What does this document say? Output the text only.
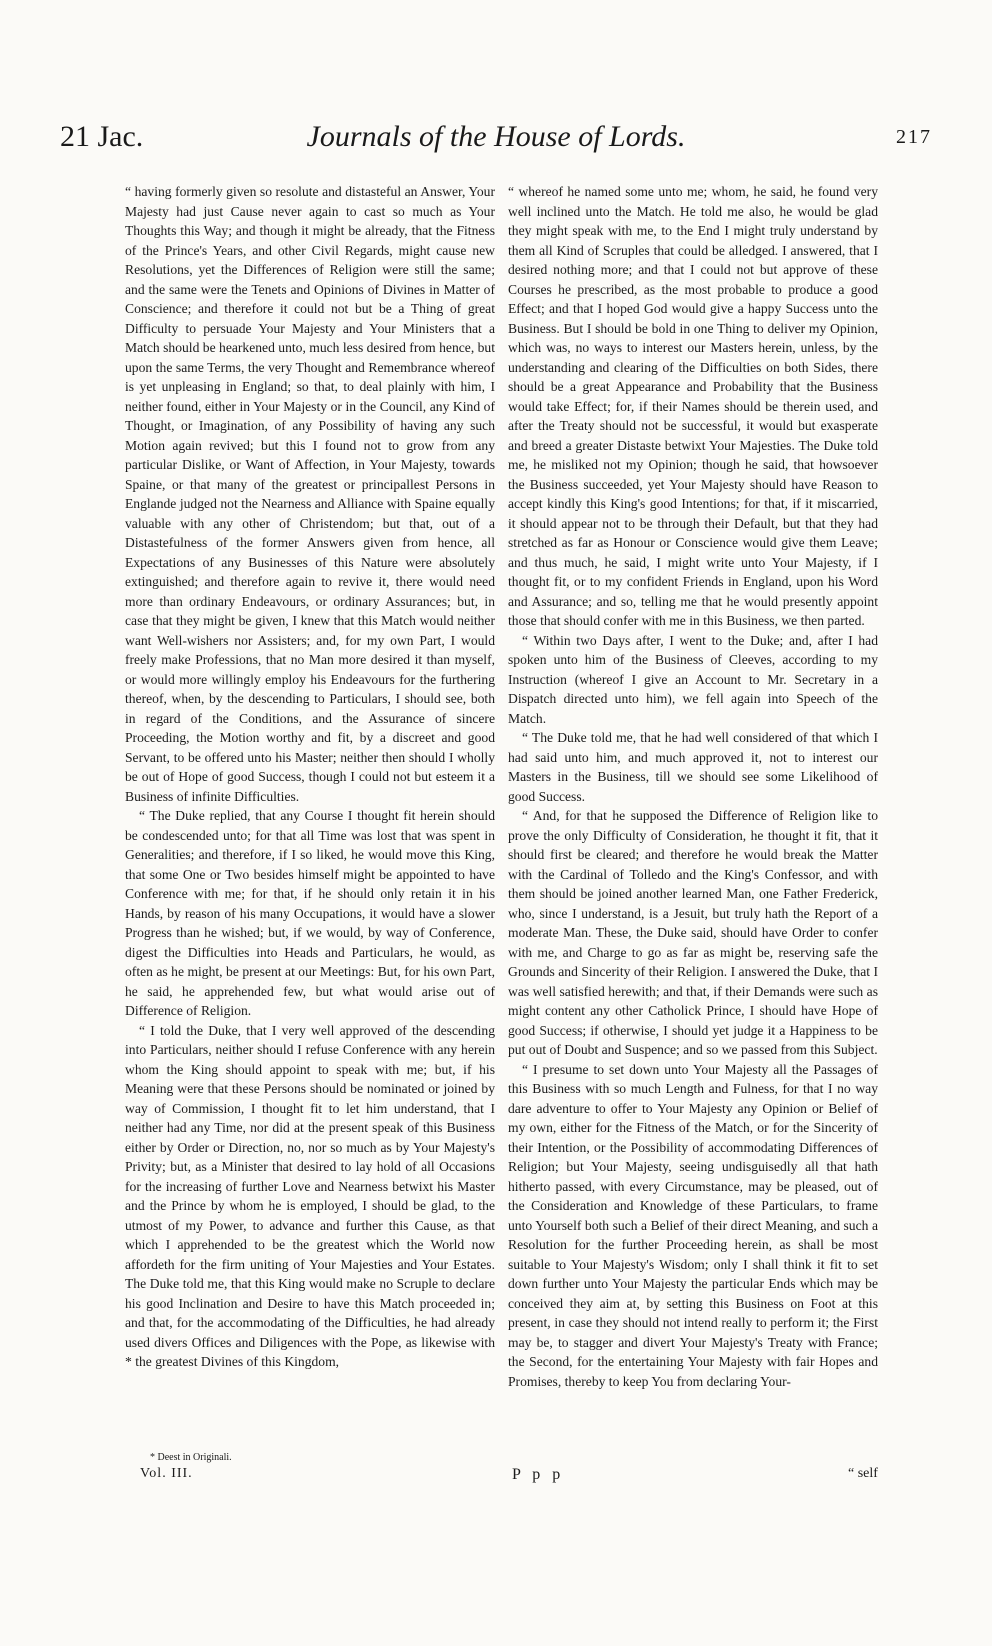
21 Jac.	Journals of the House of Lords.	217

“ having formerly given so resolute and distasteful an Answer, Your Majesty had just Cause never again to cast so much as Your Thoughts this Way; and though it might be already, that the Fitness of the Prince's Years, and other Civil Regards, might cause new Resolutions, yet the Differences of Religion were still the same; and the same were the Tenets and Opinions of Divines in Matter of Conscience; and therefore it could not but be a Thing of great Difficulty to persuade Your Majesty and Your Ministers that a Match should be hearkened unto, much less desired from hence, but upon the same Terms, the very Thought and Remembrance whereof is yet unpleasing in England; so that, to deal plainly with him, I neither found, either in Your Majesty or in the Council, any Kind of Thought, or Imagination, of any Possibility of having any such Motion again revived; but this I found not to grow from any particular Dislike, or Want of Affection, in Your Majesty, towards Spaine, or that many of the greatest or principallest Persons in Englande judged not the Nearness and Alliance with Spaine equally valuable with any other of Christendom; but that, out of a Distastefulness of the former Answers given from hence, all Expectations of any Businesses of this Nature were absolutely extinguished; and therefore again to revive it, there would need more than ordinary Endeavours, or ordinary Assurances; but, in case that they might be given, I knew that this Match would neither want Well-wishers nor Assisters; and, for my own Part, I would freely make Professions, that no Man more desired it than myself, or would more willingly employ his Endeavours for the furthering thereof, when, by the descending to Particulars, I should see, both in regard of the Conditions, and the Assurance of sincere Proceeding, the Motion worthy and fit, by a discreet and good Servant, to be offered unto his Master; neither then should I wholly be out of Hope of good Success, though I could not but esteem it a Business of infinite Difficulties.

“ The Duke replied, that any Course I thought fit herein should be condescended unto; for that all Time was lost that was spent in Generalities; and therefore, if I so liked, he would move this King, that some One or Two besides himself might be appointed to have Conference with me; for that, if he should only retain it in his Hands, by reason of his many Occupations, it would have a slower Progress than he wished; but, if we would, by way of Conference, digest the Difficulties into Heads and Particulars, he would, as often as he might, be present at our Meetings: But, for his own Part, he said, he apprehended few, but what would arise out of Difference of Religion.

“ I told the Duke, that I very well approved of the descending into Particulars, neither should I refuse Conference with any herein whom the King should appoint to speak with me; but, if his Meaning were that these Persons should be nominated or joined by way of Commission, I thought fit to let him understand, that I neither had any Time, nor did at the present speak of this Business either by Order or Direction, no, nor so much as by Your Majesty's Privity; but, as a Minister that desired to lay hold of all Occasions for the increasing of further Love and Nearness betwixt his Master and the Prince by whom he is employed, I should be glad, to the utmost of my Power, to advance and further this Cause, as that which I apprehended to be the greatest which the World now affordeth for the firm uniting of Your Majesties and Your Estates. The Duke told me, that this King would make no Scruple to declare his good Inclination and Desire to have this Match proceeded in; and that, for the accommodating of the Difficulties, he had already used divers Offices and Diligences with the Pope, as likewise with * the greatest Divines of this Kingdom,

“ whereof he named some unto me; whom, he said, he found very well inclined unto the Match. He told me also, he would be glad they might speak with me, to the End I might truly understand by them all Kind of Scruples that could be alledged. I answered, that I desired nothing more; and that I could not but approve of these Courses he prescribed, as the most probable to produce a good Effect; and that I hoped God would give a happy Success unto the Business. But I should be bold in one Thing to deliver my Opinion, which was, no ways to interest our Masters herein, unless, by the understanding and clearing of the Difficulties on both Sides, there should be a great Appearance and Probability that the Business would take Effect; for, if their Names should be therein used, and after the Treaty should not be successful, it would but exasperate and breed a greater Distaste betwixt Your Majesties. The Duke told me, he misliked not my Opinion; though he said, that howsoever the Business succeeded, yet Your Majesty should have Reason to accept kindly this King's good Intentions; for that, if it miscarried, it should appear not to be through their Default, but that they had stretched as far as Honour or Conscience would give them Leave; and thus much, he said, I might write unto Your Majesty, if I thought fit, or to my confident Friends in England, upon his Word and Assurance; and so, telling me that he would presently appoint those that should confer with me in this Business, we then parted.

“ Within two Days after, I went to the Duke; and, after I had spoken unto him of the Business of Cleeves, according to my Instruction (whereof I give an Account to Mr. Secretary in a Dispatch directed unto him), we fell again into Speech of the Match.

“ The Duke told me, that he had well considered of that which I had said unto him, and much approved it, not to interest our Masters in the Business, till we should see some Likelihood of good Success.

“ And, for that he supposed the Difference of Religion like to prove the only Difficulty of Consideration, he thought it fit, that it should first be cleared; and therefore he would break the Matter with the Cardinal of Tolledo and the King's Confessor, and with them should be joined another learned Man, one Father Frederick, who, since I understand, is a Jesuit, but truly hath the Report of a moderate Man. These, the Duke said, should have Order to confer with me, and Charge to go as far as might be, reserving safe the Grounds and Sincerity of their Religion. I answered the Duke, that I was well satisfied herewith; and that, if their Demands were such as might content any other Catholick Prince, I should have Hope of good Success; if otherwise, I should yet judge it a Happiness to be put out of Doubt and Suspence; and so we passed from this Subject.

“ I presume to set down unto Your Majesty all the Passages of this Business with so much Length and Fulness, for that I no way dare adventure to offer to Your Majesty any Opinion or Belief of my own, either for the Fitness of the Match, or for the Sincerity of their Intention, or the Possibility of accommodating Differences of Religion; but Your Majesty, seeing undisguisedly all that hath hitherto passed, with every Circumstance, may be pleased, out of the Consideration and Knowledge of these Particulars, to frame unto Yourself both such a Belief of their direct Meaning, and such a Resolution for the further Proceeding herein, as shall be most suitable to Your Majesty's Wisdom; only I shall think it fit to set down further unto Your Majesty the particular Ends which may be conceived they aim at, by setting this Business on Foot at this present, in case they should not intend really to perform it; the First may be, to stagger and divert Your Majesty's Treaty with France; the Second, for the entertaining Your Majesty with fair Hopes and Promises, thereby to keep You from declaring Your-

* Deest in Originali.
Vol. III.	P p p	“ self
